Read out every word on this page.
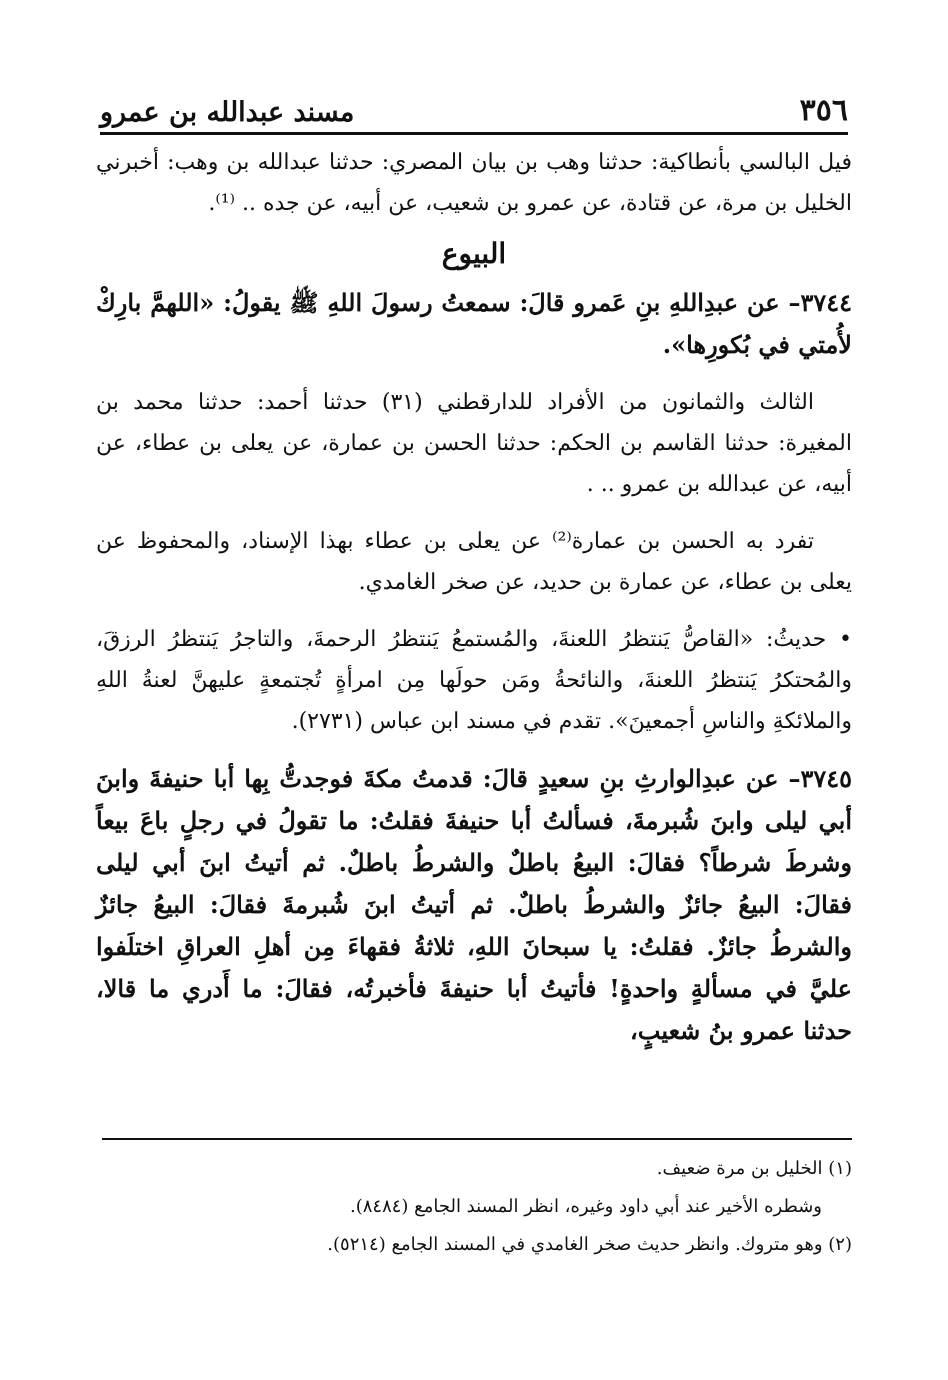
٣٥٦
مسند عبدالله بن عمرو

فيل البالسي بأنطاكية: حدثنا وهب بن بيان المصري: حدثنا عبدالله بن وهب: أخبرني الخليل بن مرة، عن قتادة، عن عمرو بن شعيب، عن أبيه، عن جده .. ⁽¹⁾.

البيوع

٣٧٤٤– عن عبدِاللهِ بنِ عَمرو قالَ: سمعتُ رسولَ اللهِ ﷺ يقولُ: «اللهمَّ بارِكْ لأُمتي في بُكورِها».

الثالث والثمانون من الأفراد للدارقطني (٣١) حدثنا أحمد: حدثنا محمد بن المغيرة: حدثنا القاسم بن الحكم: حدثنا الحسن بن عمارة، عن يعلى بن عطاء، عن أبيه، عن عبدالله بن عمرو .. .

تفرد به الحسن بن عمارة⁽²⁾ عن يعلى بن عطاء بهذا الإسناد، والمحفوظ عن يعلى بن عطاء، عن عمارة بن حديد، عن صخر الغامدي.

• حديثُ: «القاصُّ يَنتظرُ اللعنةَ، والمُستمعُ يَنتظرُ الرحمةَ، والتاجرُ يَنتظرُ الرزقَ، والمُحتكرُ يَنتظرُ اللعنةَ، والنائحةُ ومَن حولَها مِن امرأةٍ تُجتمعةٍ عليهنَّ لعنةُ اللهِ والملائكةِ والناسِ أجمعينَ». تقدم في مسند ابن عباس (٢٧٣١).

٣٧٤٥– عن عبدِالوارثِ بنِ سعيدٍ قالَ: قدمتُ مكةَ فوجدتُّ بِها أبا حنيفةَ وابنَ أبي ليلى وابنَ شُبرمةَ، فسألتُ أبا حنيفةَ فقلتُ: ما تقولُ في رجلٍ باعَ بيعاً وشرطَ شرطاً؟ فقالَ: البيعُ باطلٌ والشرطُ باطلٌ. ثم أتيتُ ابنَ أبي ليلى فقالَ: البيعُ جائزٌ والشرطُ باطلٌ. ثم أتيتُ ابنَ شُبرمةَ فقالَ: البيعُ جائزٌ والشرطُ جائزٌ. فقلتُ: يا سبحانَ اللهِ، ثلاثةُ فقهاءَ مِن أهلِ العراقِ اختلَفوا عليَّ في مسألةٍ واحدةٍ! فأتيتُ أبا حنيفةَ فأخبرتُه، فقالَ: ما أَدري ما قالا، حدثنا عمرو بنُ شعيبٍ،

(١) الخليل بن مرة ضعيف.

وشطره الأخير عند أبي داود وغيره، انظر المسند الجامع (٨٤٨٤).

(٢) وهو متروك. وانظر حديث صخر الغامدي في المسند الجامع (٥٢١٤).
